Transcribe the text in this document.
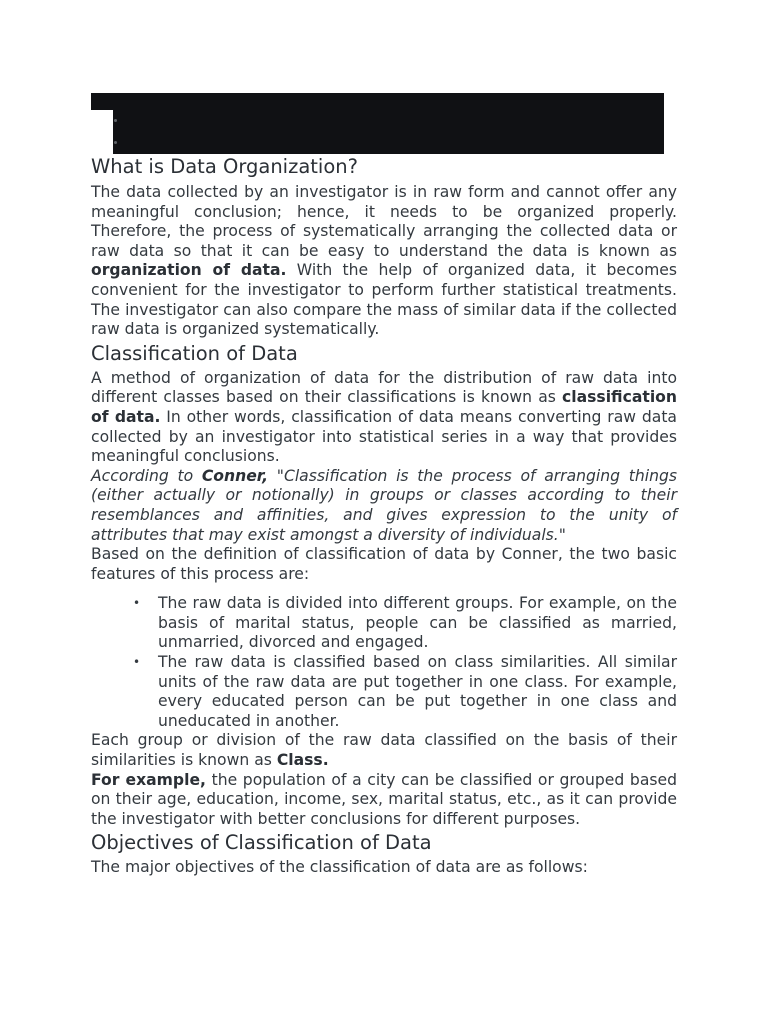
What is Data Organization?

The data collected by an investigator is in raw form and cannot offer any meaningful conclusion; hence, it needs to be organized properly. Therefore, the process of systematically arranging the collected data or raw data so that it can be easy to understand the data is known as organization of data. With the help of organized data, it becomes convenient for the investigator to perform further statistical treatments. The investigator can also compare the mass of similar data if the collected raw data is organized systematically.

Classification of Data

A method of organization of data for the distribution of raw data into different classes based on their classifications is known as classification of data. In other words, classification of data means converting raw data collected by an investigator into statistical series in a way that provides meaningful conclusions.

According to Conner, "Classification is the process of arranging things (either actually or notionally) in groups or classes according to their resemblances and affinities, and gives expression to the unity of attributes that may exist amongst a diversity of individuals."

Based on the definition of classification of data by Conner, the two basic features of this process are:

• The raw data is divided into different groups. For example, on the basis of marital status, people can be classified as married, unmarried, divorced and engaged.
• The raw data is classified based on class similarities. All similar units of the raw data are put together in one class. For example, every educated person can be put together in one class and uneducated in another.

Each group or division of the raw data classified on the basis of their similarities is known as Class.

For example, the population of a city can be classified or grouped based on their age, education, income, sex, marital status, etc., as it can provide the investigator with better conclusions for different purposes.

Objectives of Classification of Data

The major objectives of the classification of data are as follows:
